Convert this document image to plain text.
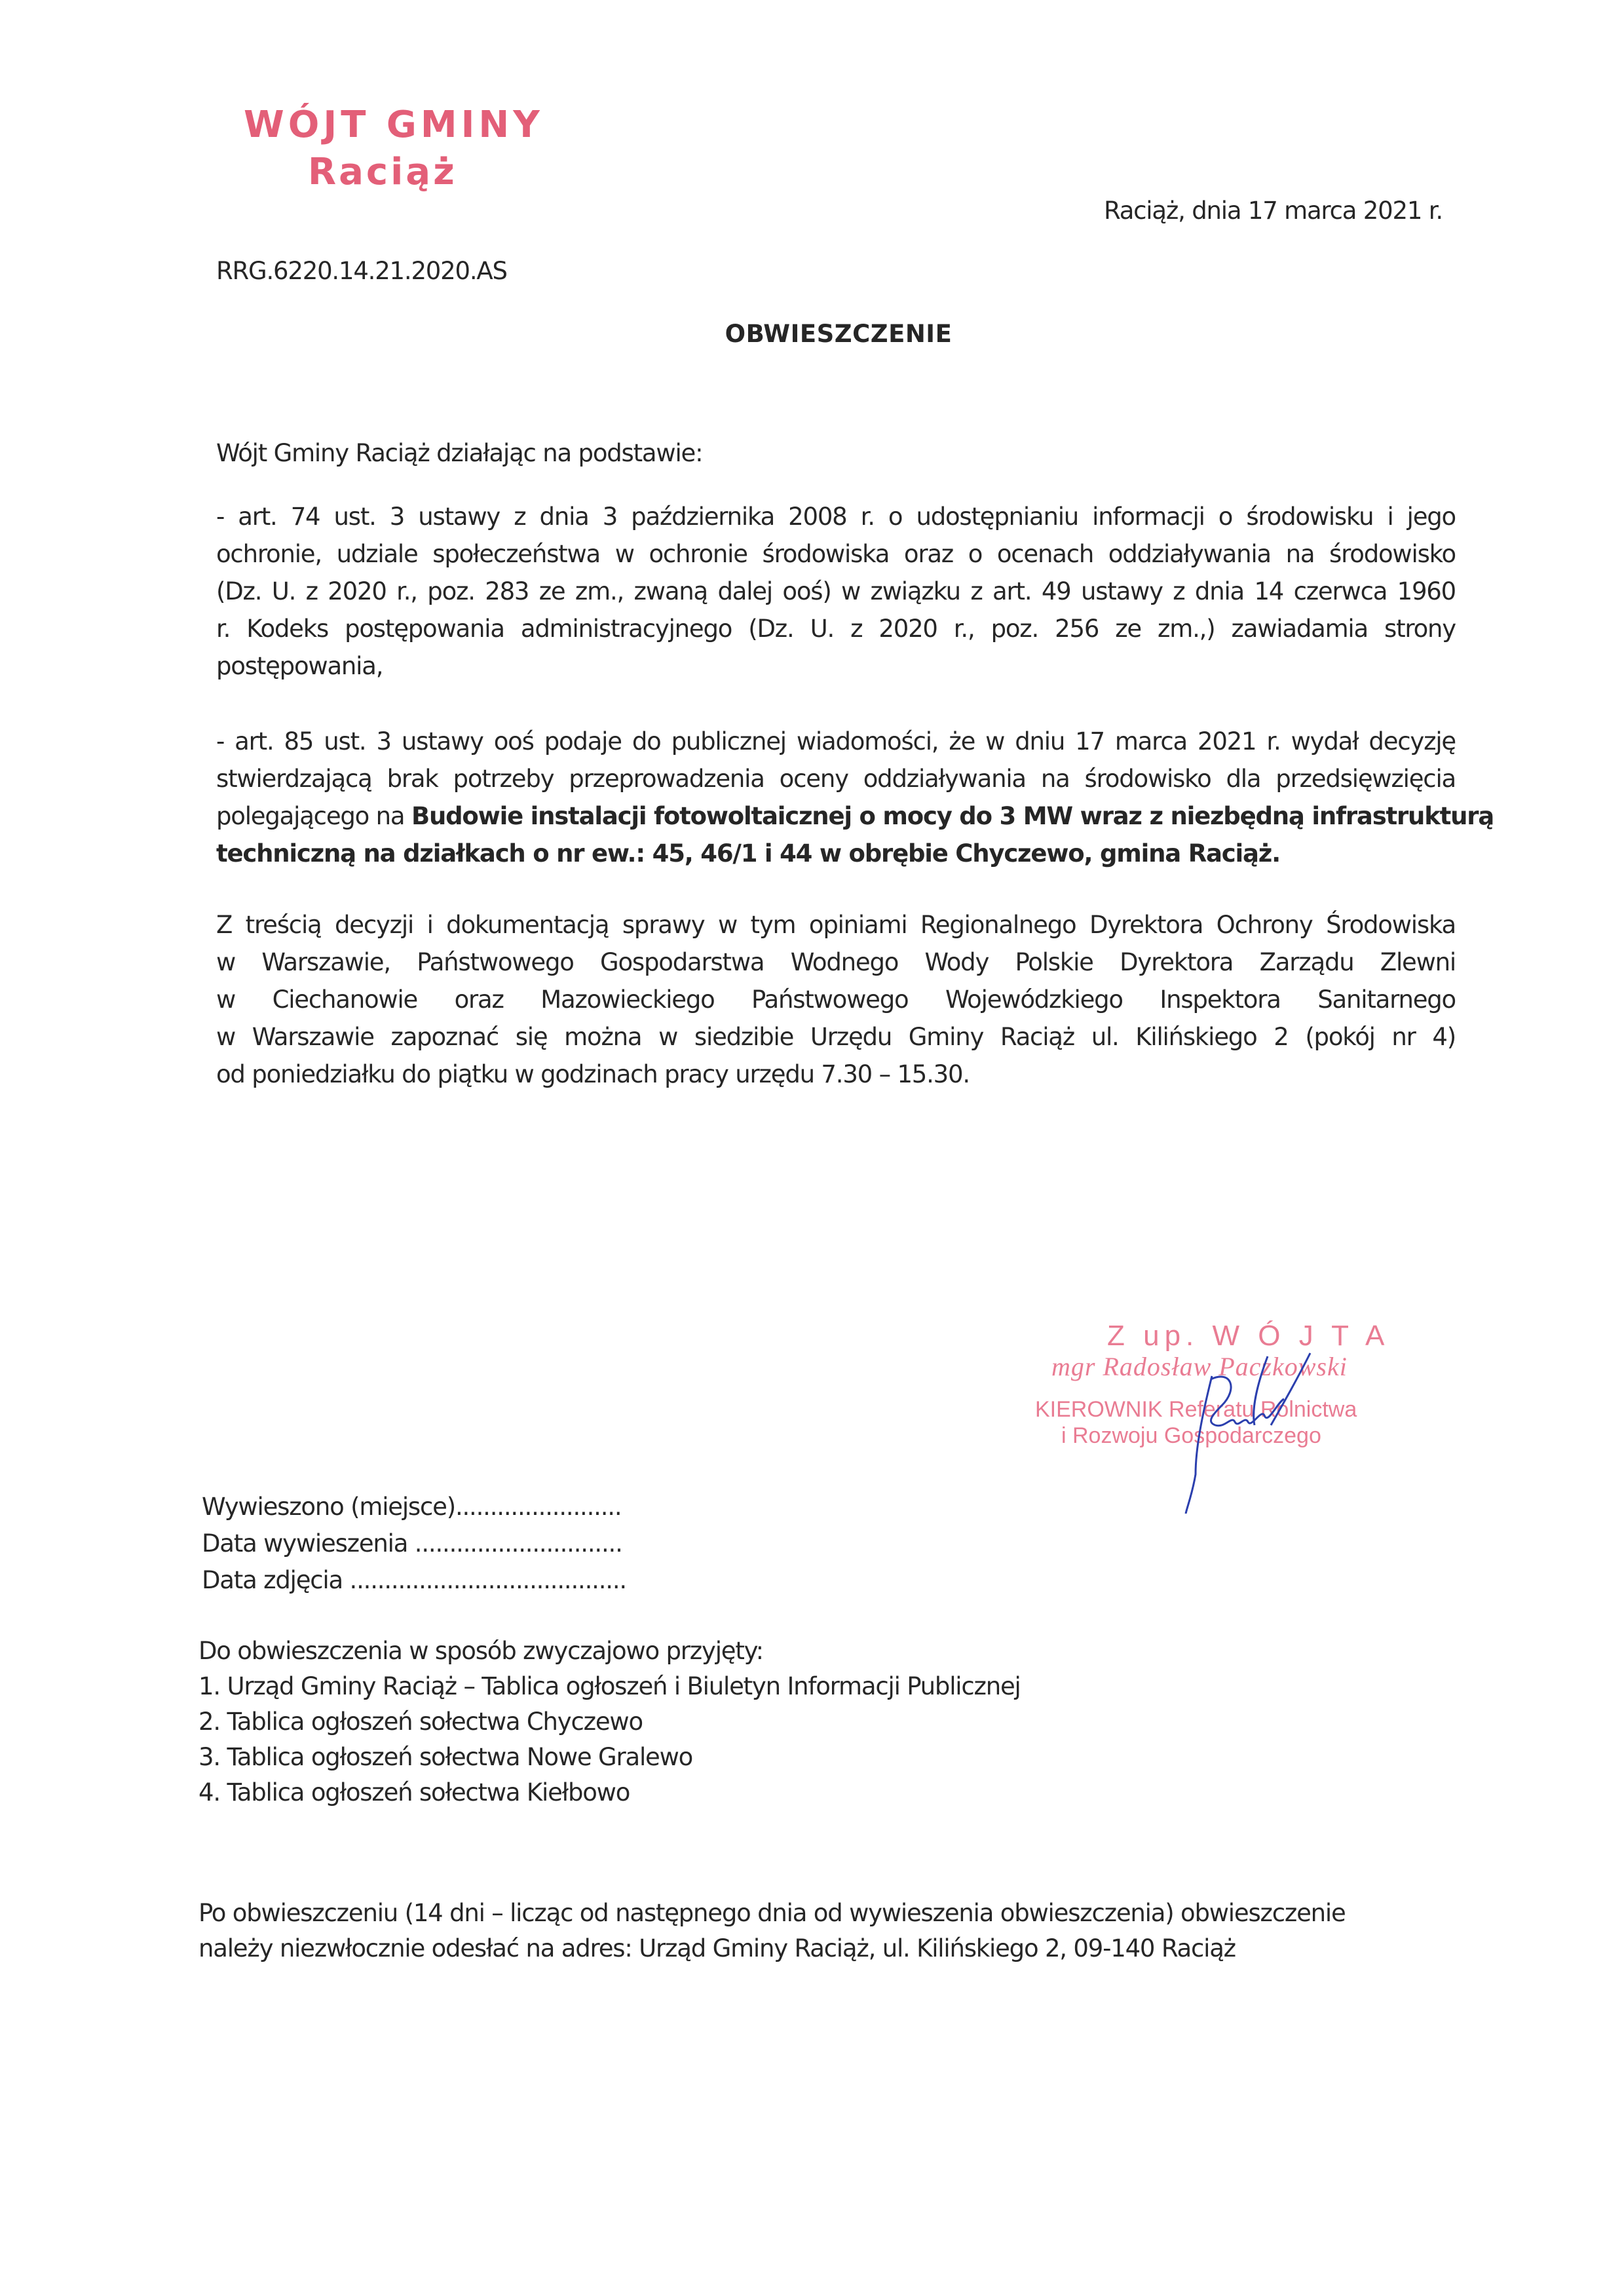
WÓJT GMINY
Raciąż
Raciąż, dnia 17 marca 2021 r.
RRG.6220.14.21.2020.AS
OBWIESZCZENIE
Wójt Gminy Raciąż działając na podstawie:
- art. 74 ust. 3 ustawy z dnia 3 października 2008 r. o udostępnianiu informacji o środowisku i jego
ochronie, udziale społeczeństwa w ochronie środowiska oraz o ocenach oddziaływania na środowisko
(Dz. U. z 2020 r., poz. 283 ze zm., zwaną dalej ooś) w związku z art. 49 ustawy z dnia 14 czerwca 1960
r. Kodeks postępowania administracyjnego (Dz. U. z 2020 r., poz. 256 ze zm.,) zawiadamia strony
postępowania,
- art. 85 ust. 3 ustawy ooś podaje do publicznej wiadomości, że w dniu 17 marca 2021 r. wydał decyzję
stwierdzającą brak potrzeby przeprowadzenia oceny oddziaływania na środowisko dla przedsięwzięcia
polegającego na Budowie instalacji fotowoltaicznej o mocy do 3 MW wraz z niezbędną infrastrukturą
techniczną na działkach o nr ew.: 45, 46/1 i 44 w obrębie Chyczewo, gmina Raciąż.
Z treścią decyzji i dokumentacją sprawy w tym opiniami Regionalnego Dyrektora Ochrony Środowiska
w Warszawie, Państwowego Gospodarstwa Wodnego Wody Polskie Dyrektora Zarządu Zlewni
w Ciechanowie oraz Mazowieckiego Państwowego Wojewódzkiego Inspektora Sanitarnego
w Warszawie zapoznać się można w siedzibie Urzędu Gminy Raciąż ul. Kilińskiego 2 (pokój nr 4)
od poniedziałku do piątku w godzinach pracy urzędu 7.30 – 15.30.
Z up. W Ó J T A
mgr Radosław Paczkowski
KIEROWNIK Referatu Rolnictwa
i Rozwoju Gospodarczego
Wywieszono (miejsce)........................
Data wywieszenia ..............................
Data zdjęcia ........................................
Do obwieszczenia w sposób zwyczajowo przyjęty:
1. Urząd Gminy Raciąż – Tablica ogłoszeń i Biuletyn Informacji Publicznej
2. Tablica ogłoszeń sołectwa Chyczewo
3. Tablica ogłoszeń sołectwa Nowe Gralewo
4. Tablica ogłoszeń sołectwa Kiełbowo
Po obwieszczeniu (14 dni – licząc od następnego dnia od wywieszenia obwieszczenia) obwieszczenie
należy niezwłocznie odesłać na adres: Urząd Gminy Raciąż, ul. Kilińskiego 2, 09-140 Raciąż
